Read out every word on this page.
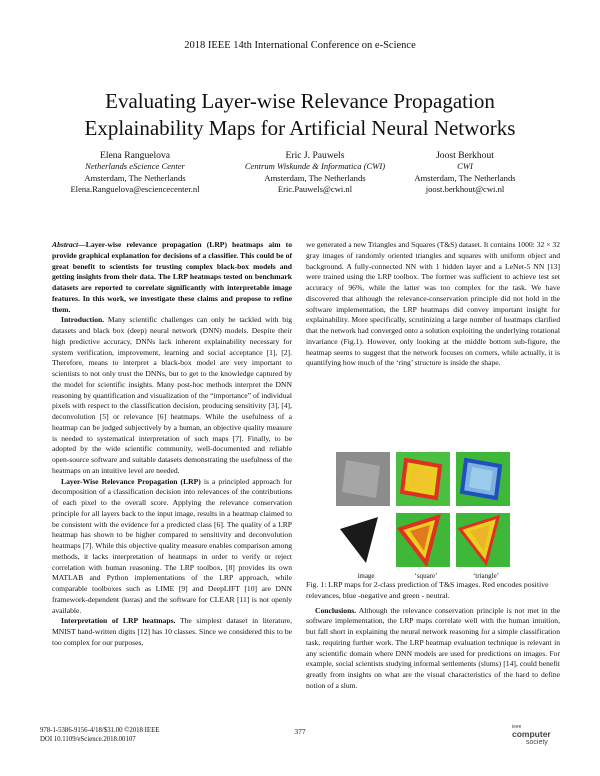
2018 IEEE 14th International Conference on e-Science
Evaluating Layer-wise Relevance Propagation
Explainability Maps for Artificial Neural Networks
Elena Ranguelova
Netherlands eScience Center
Amsterdam, The Netherlands
Elena.Ranguelova@esciencecenter.nl
Eric J. Pauwels
Centrum Wiskunde & Informatica (CWI)
Amsterdam, The Netherlands
Eric.Pauwels@cwi.nl
Joost Berkhout
CWI
Amsterdam, The Netherlands
joost.berkhout@cwi.nl

Abstract—Layer-wise relevance propagation (LRP) heatmaps aim to provide graphical explanation for decisions of a classifier. This could be of great benefit to scientists for trusting complex black-box models and getting insights from their data. The LRP heatmaps tested on benchmark datasets are reported to correlate significantly with interpretable image features. In this work, we investigate these claims and propose to refine them.

Introduction. Many scientific challenges can only be tackled with big datasets and black box (deep) neural network (DNN) models. Despite their high predictive accuracy, DNNs lack inherent explainability necessary for system verification, improvement, learning and social acceptance [1], [2]. Therefore, means to interpret a black-box model are very important to scientists to not only trust the DNNs, but to get to the knowledge captured by the model for scientific insights. Many post-hoc methods interpret the DNN reasoning by quantification and visualization of the “importance” of individual pixels with respect to the classification decision, producing sensitivity [3], [4], deconvolution [5] or relevance [6] heatmaps. While the usefulness of a heatmap can be judged subjectively by a human, an objective quality measure is needed to systematical interpretation of such maps [7]. Finally, to be adopted by the wide scientific community, well-documented and reliable open-source software and suitable datasets demonstrating the usefulness of the heatmaps on an intuitive level are needed.

Layer-Wise Relevance Propagation (LRP) is a principled approach for decomposition of a classification decision into relevances of the contributions of each pixel to the overall score. Applying the relevance conservation principle for all layers back to the input image, results in a heatmap claimed to be consistent with the evidence for a predicted class [6]. The quality of a LRP heatmap has shown to be higher compared to sensitivity and deconvolution heatmaps [7]. While this objective quality measure enables comparison among methods, it lacks interpretation of heatmaps in order to verify or reject correlation with human reasoning. The LRP toolbox, [8] provides its own MATLAB and Python implementations of the LRP approach, while comparable toolboxes such as LIME [9] and DeepLIFT [10] are DNN framework-dependent (keras) and the software for CLEAR [11] is not openly available.

Interpretation of LRP heatmaps. The simplest dataset in literature, MNIST hand-written digits [12] has 10 classes. Since we considered this to be too complex for our purposes,

we generated a new Triangles and Squares (T&S) dataset. It contains 1000: 32 × 32 gray images of randomly oriented triangles and squares with uniform object and background. A fully-connected NN with 1 hidden layer and a LeNet-5 NN [13] were trained using the LRP toolbox. The former was sufficient to achieve test set accuracy of 96%, while the latter was too complex for the task. We have discovered that although the relevance-conservation principle did not hold in the software implementation, the LRP heatmaps did convey important insight for explainability. More specifically, scrutinizing a large number of heatmaps clarified that the network had converged onto a solution exploiting the underlying rotational invariance (Fig.1). However, only looking at the middle bottom sub-figure, the heatmap seems to suggest that the network focuses on corners, while actually, it is quantifying how much of the ‘ring’ structure is inside the shape.

image	‘square’	‘triangle’
Fig. 1: LRP maps for 2-class prediction of T&S images. Red encodes positive relevances, blue -negative and green - neutral.
Conclusions. Although the relevance conservation principle is not met in the software implementation, the LRP maps correlate well with the human intuition, but fall short in explaining the neural network reasoning for a simple classification task, requiring further work. The LRP heatmap evaluation technique is relevant in any scientific domain where DNN models are used for predictions on images. For example, social scientists studying informal settlements (slums) [14], could benefit greatly from insights on what are the visual characteristics of the hard to define notion of a slum.
978-1-5386-9156-4/18/$31.00 ©2018 IEEE
DOI 10.1109/eScience.2018.00107
377	ieee
computer
society
